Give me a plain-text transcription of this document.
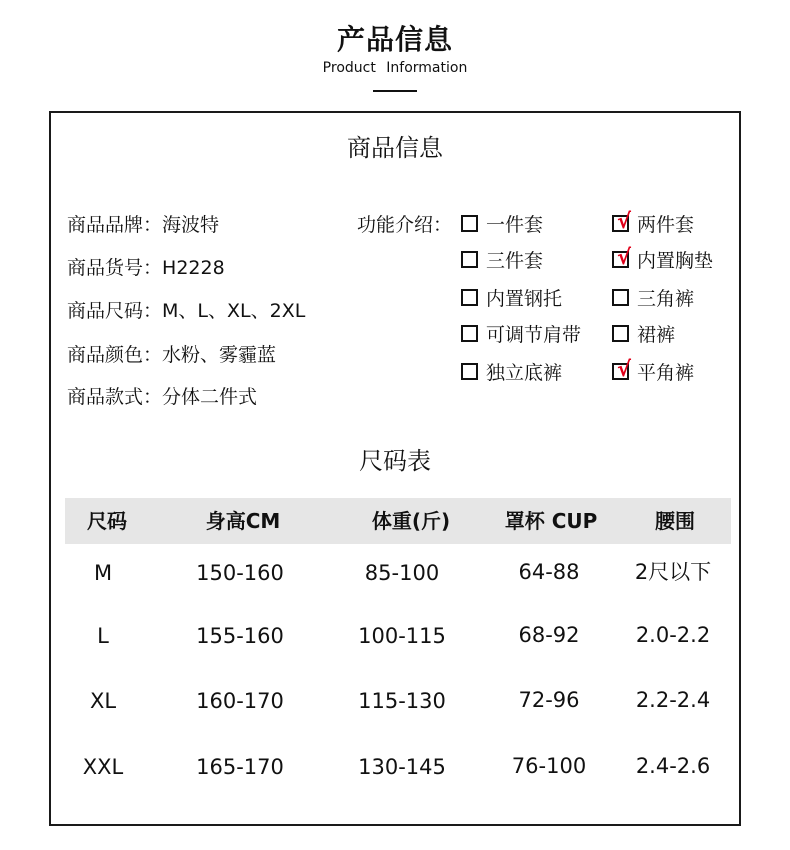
产品信息
Product Information
商品信息
商品品牌：海波特
商品货号：H2228
商品尺码：M、L、XL、2XL
商品颜色：水粉、雾霾蓝
商品款式：分体二件式
功能介绍： 一件套	√ 两件套
三件套	√ 内置胸垫
内置钢托	三角裤
可调节肩带	裙裤
独立底裤	√ 平角裤
尺码表
尺码	身高CM	体重(斤)	罩杯 CUP	腰围
M	150-160	85-100	64-88	2尺以下
L	155-160	100-115	68-92	2.0-2.2
XL	160-170	115-130	72-96	2.2-2.4
XXL	165-170	130-145	76-100 2.4-2.6
